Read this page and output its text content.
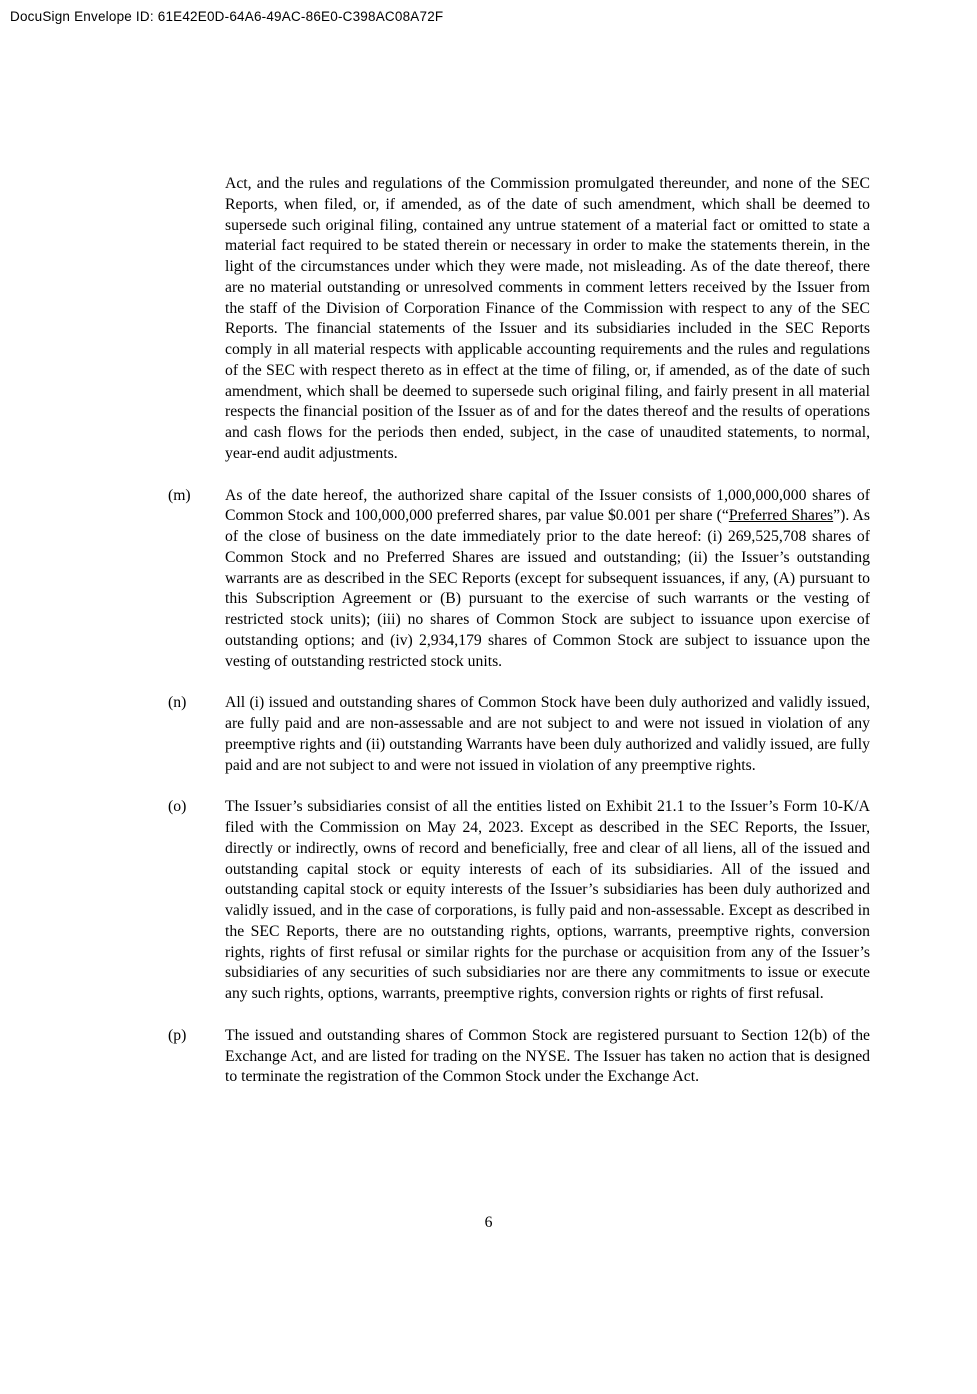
DocuSign Envelope ID: 61E42E0D-64A6-49AC-86E0-C398AC08A72F
Act, and the rules and regulations of the Commission promulgated thereunder, and none of the SEC Reports, when filed, or, if amended, as of the date of such amendment, which shall be deemed to supersede such original filing, contained any untrue statement of a material fact or omitted to state a material fact required to be stated therein or necessary in order to make the statements therein, in the light of the circumstances under which they were made, not misleading. As of the date thereof, there are no material outstanding or unresolved comments in comment letters received by the Issuer from the staff of the Division of Corporation Finance of the Commission with respect to any of the SEC Reports. The financial statements of the Issuer and its subsidiaries included in the SEC Reports comply in all material respects with applicable accounting requirements and the rules and regulations of the SEC with respect thereto as in effect at the time of filing, or, if amended, as of the date of such amendment, which shall be deemed to supersede such original filing, and fairly present in all material respects the financial position of the Issuer as of and for the dates thereof and the results of operations and cash flows for the periods then ended, subject, in the case of unaudited statements, to normal, year-end audit adjustments.
(m)	As of the date hereof, the authorized share capital of the Issuer consists of 1,000,000,000 shares of Common Stock and 100,000,000 preferred shares, par value $0.001 per share (“Preferred Shares”). As of the close of business on the date immediately prior to the date hereof: (i) 269,525,708 shares of Common Stock and no Preferred Shares are issued and outstanding; (ii) the Issuer’s outstanding warrants are as described in the SEC Reports (except for subsequent issuances, if any, (A) pursuant to this Subscription Agreement or (B) pursuant to the exercise of such warrants or the vesting of restricted stock units); (iii) no shares of Common Stock are subject to issuance upon exercise of outstanding options; and (iv) 2,934,179 shares of Common Stock are subject to issuance upon the vesting of outstanding restricted stock units.
(n)	All (i) issued and outstanding shares of Common Stock have been duly authorized and validly issued, are fully paid and are non-assessable and are not subject to and were not issued in violation of any preemptive rights and (ii) outstanding Warrants have been duly authorized and validly issued, are fully paid and are not subject to and were not issued in violation of any preemptive rights.
(o)	The Issuer’s subsidiaries consist of all the entities listed on Exhibit 21.1 to the Issuer’s Form 10-K/A filed with the Commission on May 24, 2023. Except as described in the SEC Reports, the Issuer, directly or indirectly, owns of record and beneficially, free and clear of all liens, all of the issued and outstanding capital stock or equity interests of each of its subsidiaries. All of the issued and outstanding capital stock or equity interests of the Issuer’s subsidiaries has been duly authorized and validly issued, and in the case of corporations, is fully paid and non-assessable. Except as described in the SEC Reports, there are no outstanding rights, options, warrants, preemptive rights, conversion rights, rights of first refusal or similar rights for the purchase or acquisition from any of the Issuer’s subsidiaries of any securities of such subsidiaries nor are there any commitments to issue or execute any such rights, options, warrants, preemptive rights, conversion rights or rights of first refusal.
(p)	The issued and outstanding shares of Common Stock are registered pursuant to Section 12(b) of the Exchange Act, and are listed for trading on the NYSE. The Issuer has taken no action that is designed to terminate the registration of the Common Stock under the Exchange Act.
6
